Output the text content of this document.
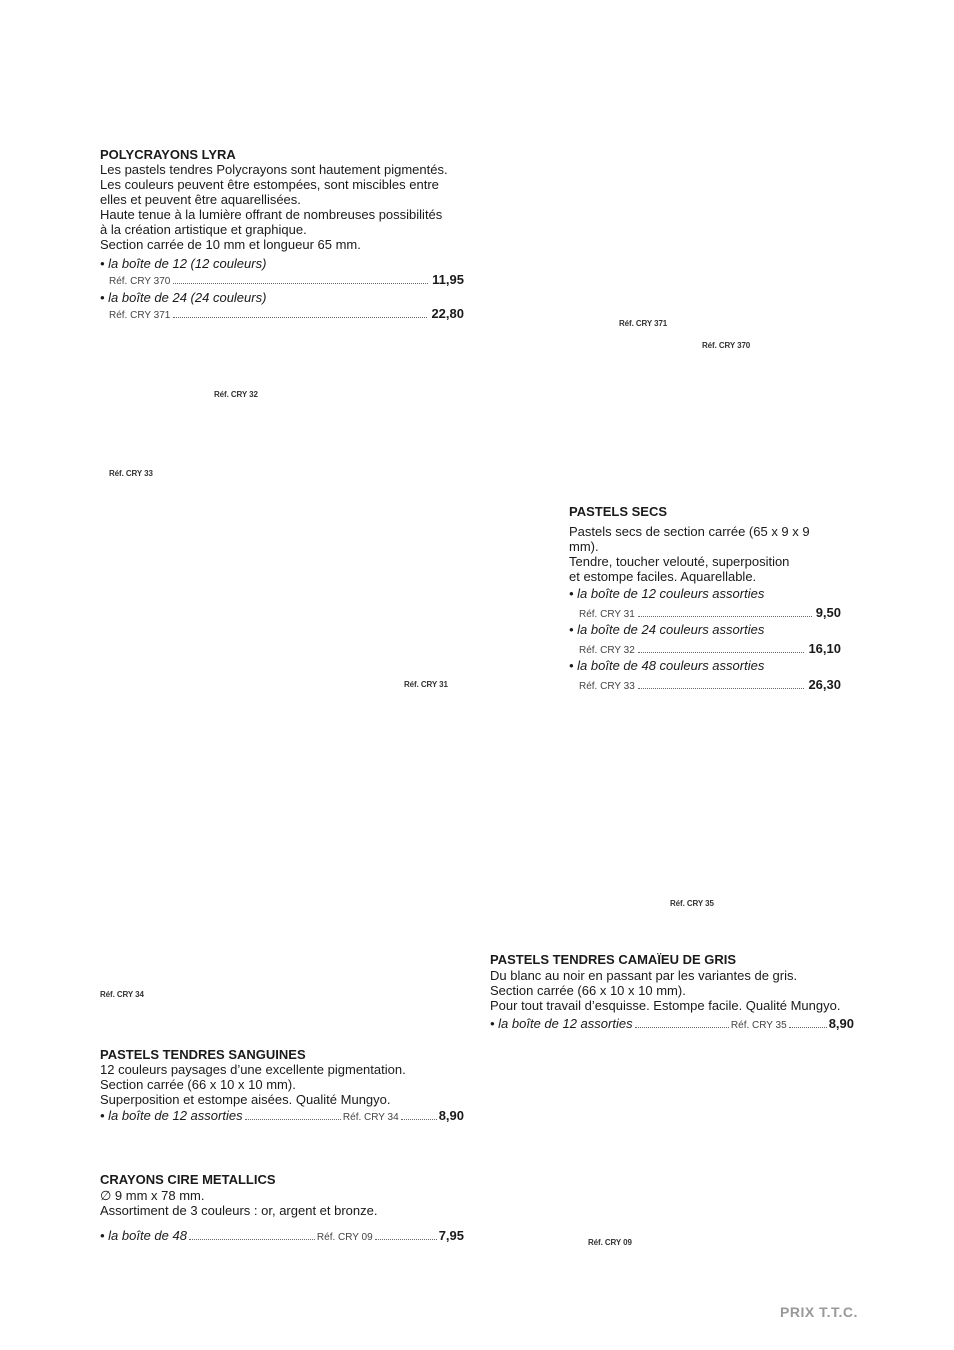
POLYCRAYONS LYRA
Les pastels tendres Polycrayons sont hautement pigmentés.
Les couleurs peuvent être estompées, sont miscibles entre
elles et peuvent être aquarellisées.
Haute tenue à la lumière offrant de nombreuses possibilités
à la création artistique et graphique.
Section carrée de 10 mm et longueur 65 mm.
• la boîte de 12 (12 couleurs)
Réf. CRY 370	11,95
• la boîte de 24 (24 couleurs)
Réf. CRY 371	22,80
PASTELS SECS
Pastels secs de section carrée (65 x 9 x 9 mm).
Tendre, toucher velouté, superposition
et estompe faciles. Aquarellable.
• la boîte de 12 couleurs assorties
Réf. CRY 31	9,50
• la boîte de 24 couleurs assorties
Réf. CRY 32	16,10
• la boîte de 48 couleurs assorties
Réf. CRY 33	26,30
PASTELS TENDRES CAMAÏEU DE GRIS
Du blanc au noir en passant par les variantes de gris.
Section carrée (66 x 10 x 10 mm).
Pour tout travail d’esquisse. Estompe facile. Qualité Mungyo.
• la boîte de 12 assorties	Réf. CRY 35	8,90
PASTELS TENDRES SANGUINES
12 couleurs paysages d’une excellente pigmentation.
Section carrée (66 x 10 x 10 mm).
Superposition et estompe aisées. Qualité Mungyo.
• la boîte de 12 assorties	Réf. CRY 34	8,90
CRAYONS CIRE METALLICS
∅ 9 mm x 78 mm.
Assortiment de 3 couleurs : or, argent et bronze.
• la boîte de 48	Réf. CRY 09	7,95
Réf. CRY 371
Réf. CRY 370
Réf. CRY 32
Réf. CRY 33
Réf. CRY 31
Réf. CRY 35
Réf. CRY 34
Réf. CRY 09
PRIX T.T.C.
